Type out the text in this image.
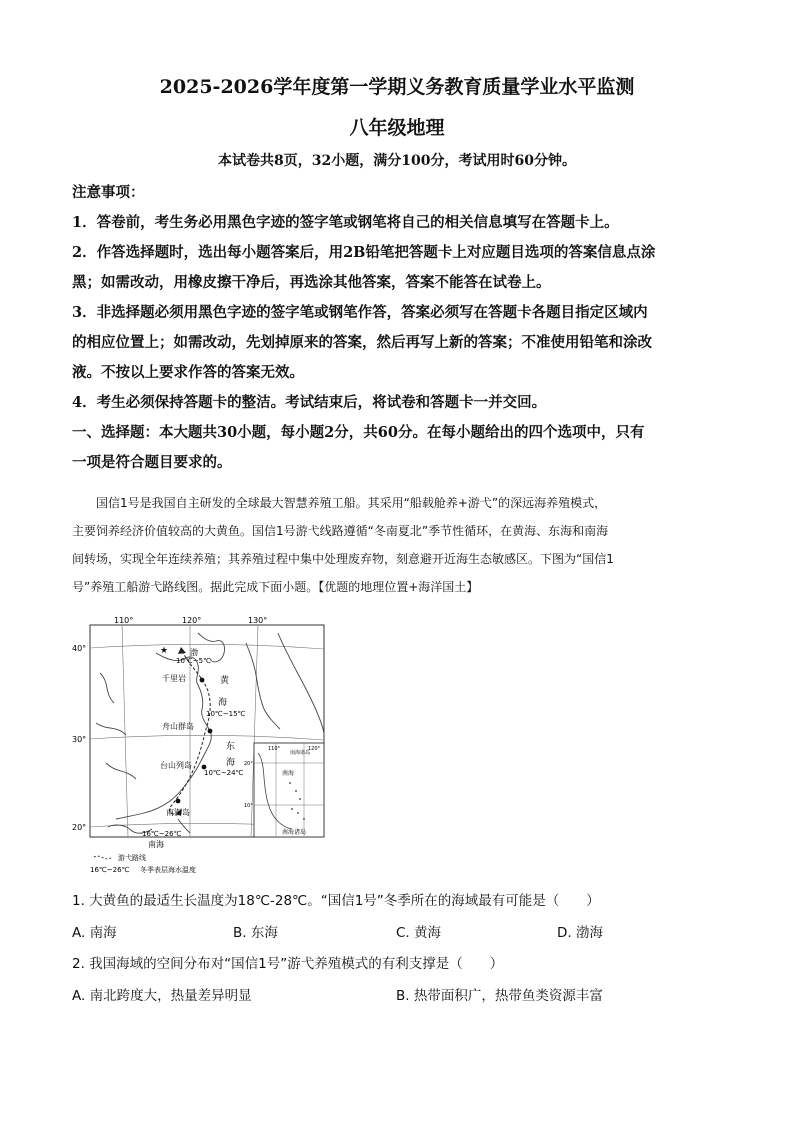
2025-2026学年度第一学期义务教育质量学业水平监测
八年级地理
本试卷共8页，32小题，满分100分，考试用时60分钟。

注意事项：

1．答卷前，考生务必用黑色字迹的签字笔或钢笔将自己的相关信息填写在答题卡上。

2．作答选择题时，选出每小题答案后，用2B铅笔把答题卡上对应题目选项的答案信息点涂

黑；如需改动，用橡皮擦干净后，再选涂其他答案，答案不能答在试卷上。

3．非选择题必须用黑色字迹的签字笔或钢笔作答，答案必须写在答题卡各题目指定区域内

的相应位置上；如需改动，先划掉原来的答案，然后再写上新的答案；不准使用铅笔和涂改

液。不按以上要求作答的答案无效。

4．考生必须保持答题卡的整洁。考试结束后，将试卷和答题卡一并交回。

一、选择题：本大题共30小题，每小题2分，共60分。在每小题给出的四个选项中，只有

一项是符合题目要求的。

国信1号是我国自主研发的全球最大智慧养殖工船。其采用“船载舱养+游弋”的深远海养殖模式，

主要饲养经济价值较高的大黄鱼。国信1号游弋线路遵循“冬南夏北”季节性循环，在黄海、东海和南海

间转场，实现全年连续养殖；其养殖过程中集中处理废弃物，刻意避开近海生态敏感区。下图为“国信1

号”养殖工船游弋路线图。据此完成下面小题。【优题的地理位置+海洋国土】

★
110°	120°	130°
40°
30°
20°
渤
10℃~5℃
千里岩	黄
海
10℃~15℃
舟山群岛
东
海
台山列岛
10℃~24℃
南澎岛
16℃~26℃
南海
南海诸岛
南海
南海诸岛
110°	120°
20°
10°
游弋路线
16℃~26℃ 冬季表层海水温度
1. 大黄鱼的最适生长温度为18℃-28℃。“国信1号”冬季所在的海域最有可能是（　　）
A. 南海	B. 东海	C. 黄海	D. 渤海
2. 我国海域的空间分布对“国信1号”游弋养殖模式的有利支撑是（　　）
A. 南北跨度大，热量差异明显	B. 热带面积广，热带鱼类资源丰富
